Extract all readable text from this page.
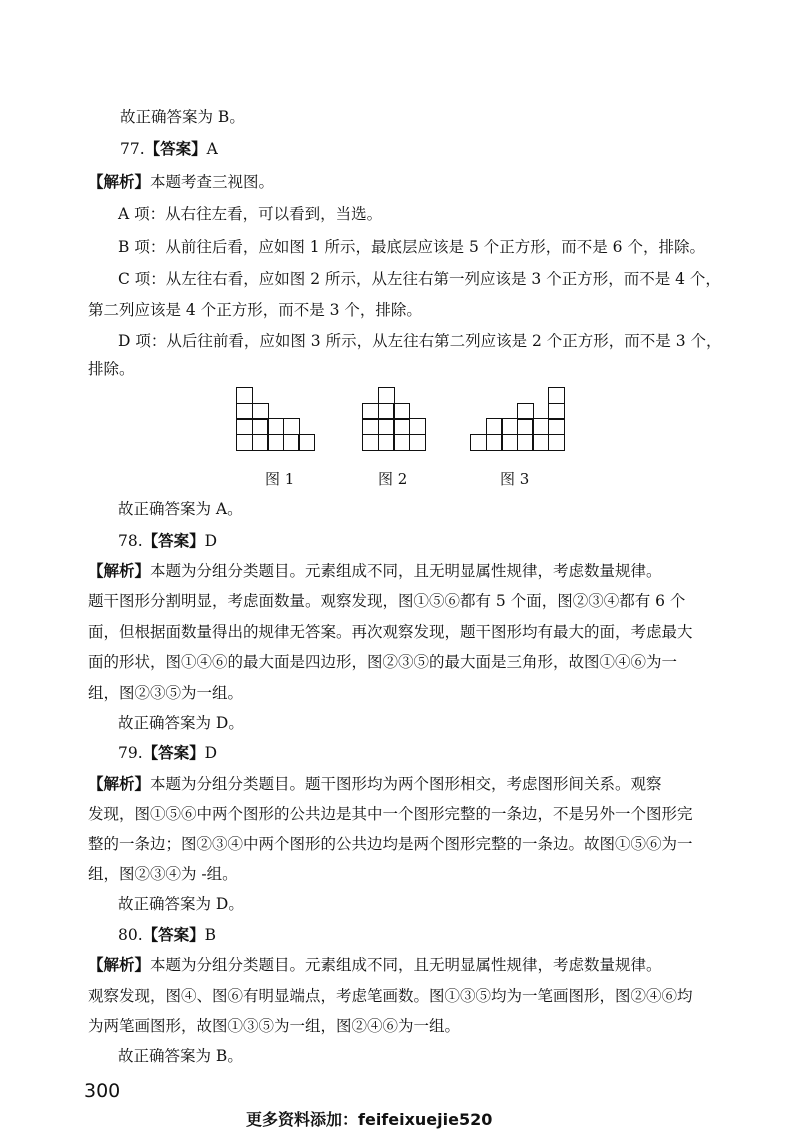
故正确答案为 B。
77.【答案】A
【解析】本题考查三视图。
A 项：从右往左看，可以看到，当选。
B 项：从前往后看，应如图 1 所示，最底层应该是 5 个正方形，而不是 6 个，排除。
C 项：从左往右看，应如图 2 所示，从左往右第一列应该是 3 个正方形，而不是 4 个，
第二列应该是 4 个正方形，而不是 3 个，排除。
D 项：从后往前看，应如图 3 所示，从左往右第二列应该是 2 个正方形，而不是 3 个，
排除。
图 1	图 2	图 3
故正确答案为 A。
78.【答案】D
【解析】本题为分组分类题目。元素组成不同，且无明显属性规律，考虑数量规律。
题干图形分割明显，考虑面数量。观察发现，图①⑤⑥都有 5 个面，图②③④都有 6 个
面，但根据面数量得出的规律无答案。再次观察发现，题干图形均有最大的面，考虑最大
面的形状，图①④⑥的最大面是四边形，图②③⑤的最大面是三角形，故图①④⑥为一
组，图②③⑤为一组。
故正确答案为 D。
79.【答案】D
【解析】本题为分组分类题目。题干图形均为两个图形相交，考虑图形间关系。观察
发现，图①⑤⑥中两个图形的公共边是其中一个图形完整的一条边，不是另外一个图形完
整的一条边；图②③④中两个图形的公共边均是两个图形完整的一条边。故图①⑤⑥为一
组，图②③④为 -组。
故正确答案为 D。
80.【答案】B
【解析】本题为分组分类题目。元素组成不同，且无明显属性规律，考虑数量规律。
观察发现，图④、图⑥有明显端点，考虑笔画数。图①③⑤均为一笔画图形，图②④⑥均
为两笔画图形，故图①③⑤为一组，图②④⑥为一组。
故正确答案为 B。
300
更多资料添加：feifeixuejie520
